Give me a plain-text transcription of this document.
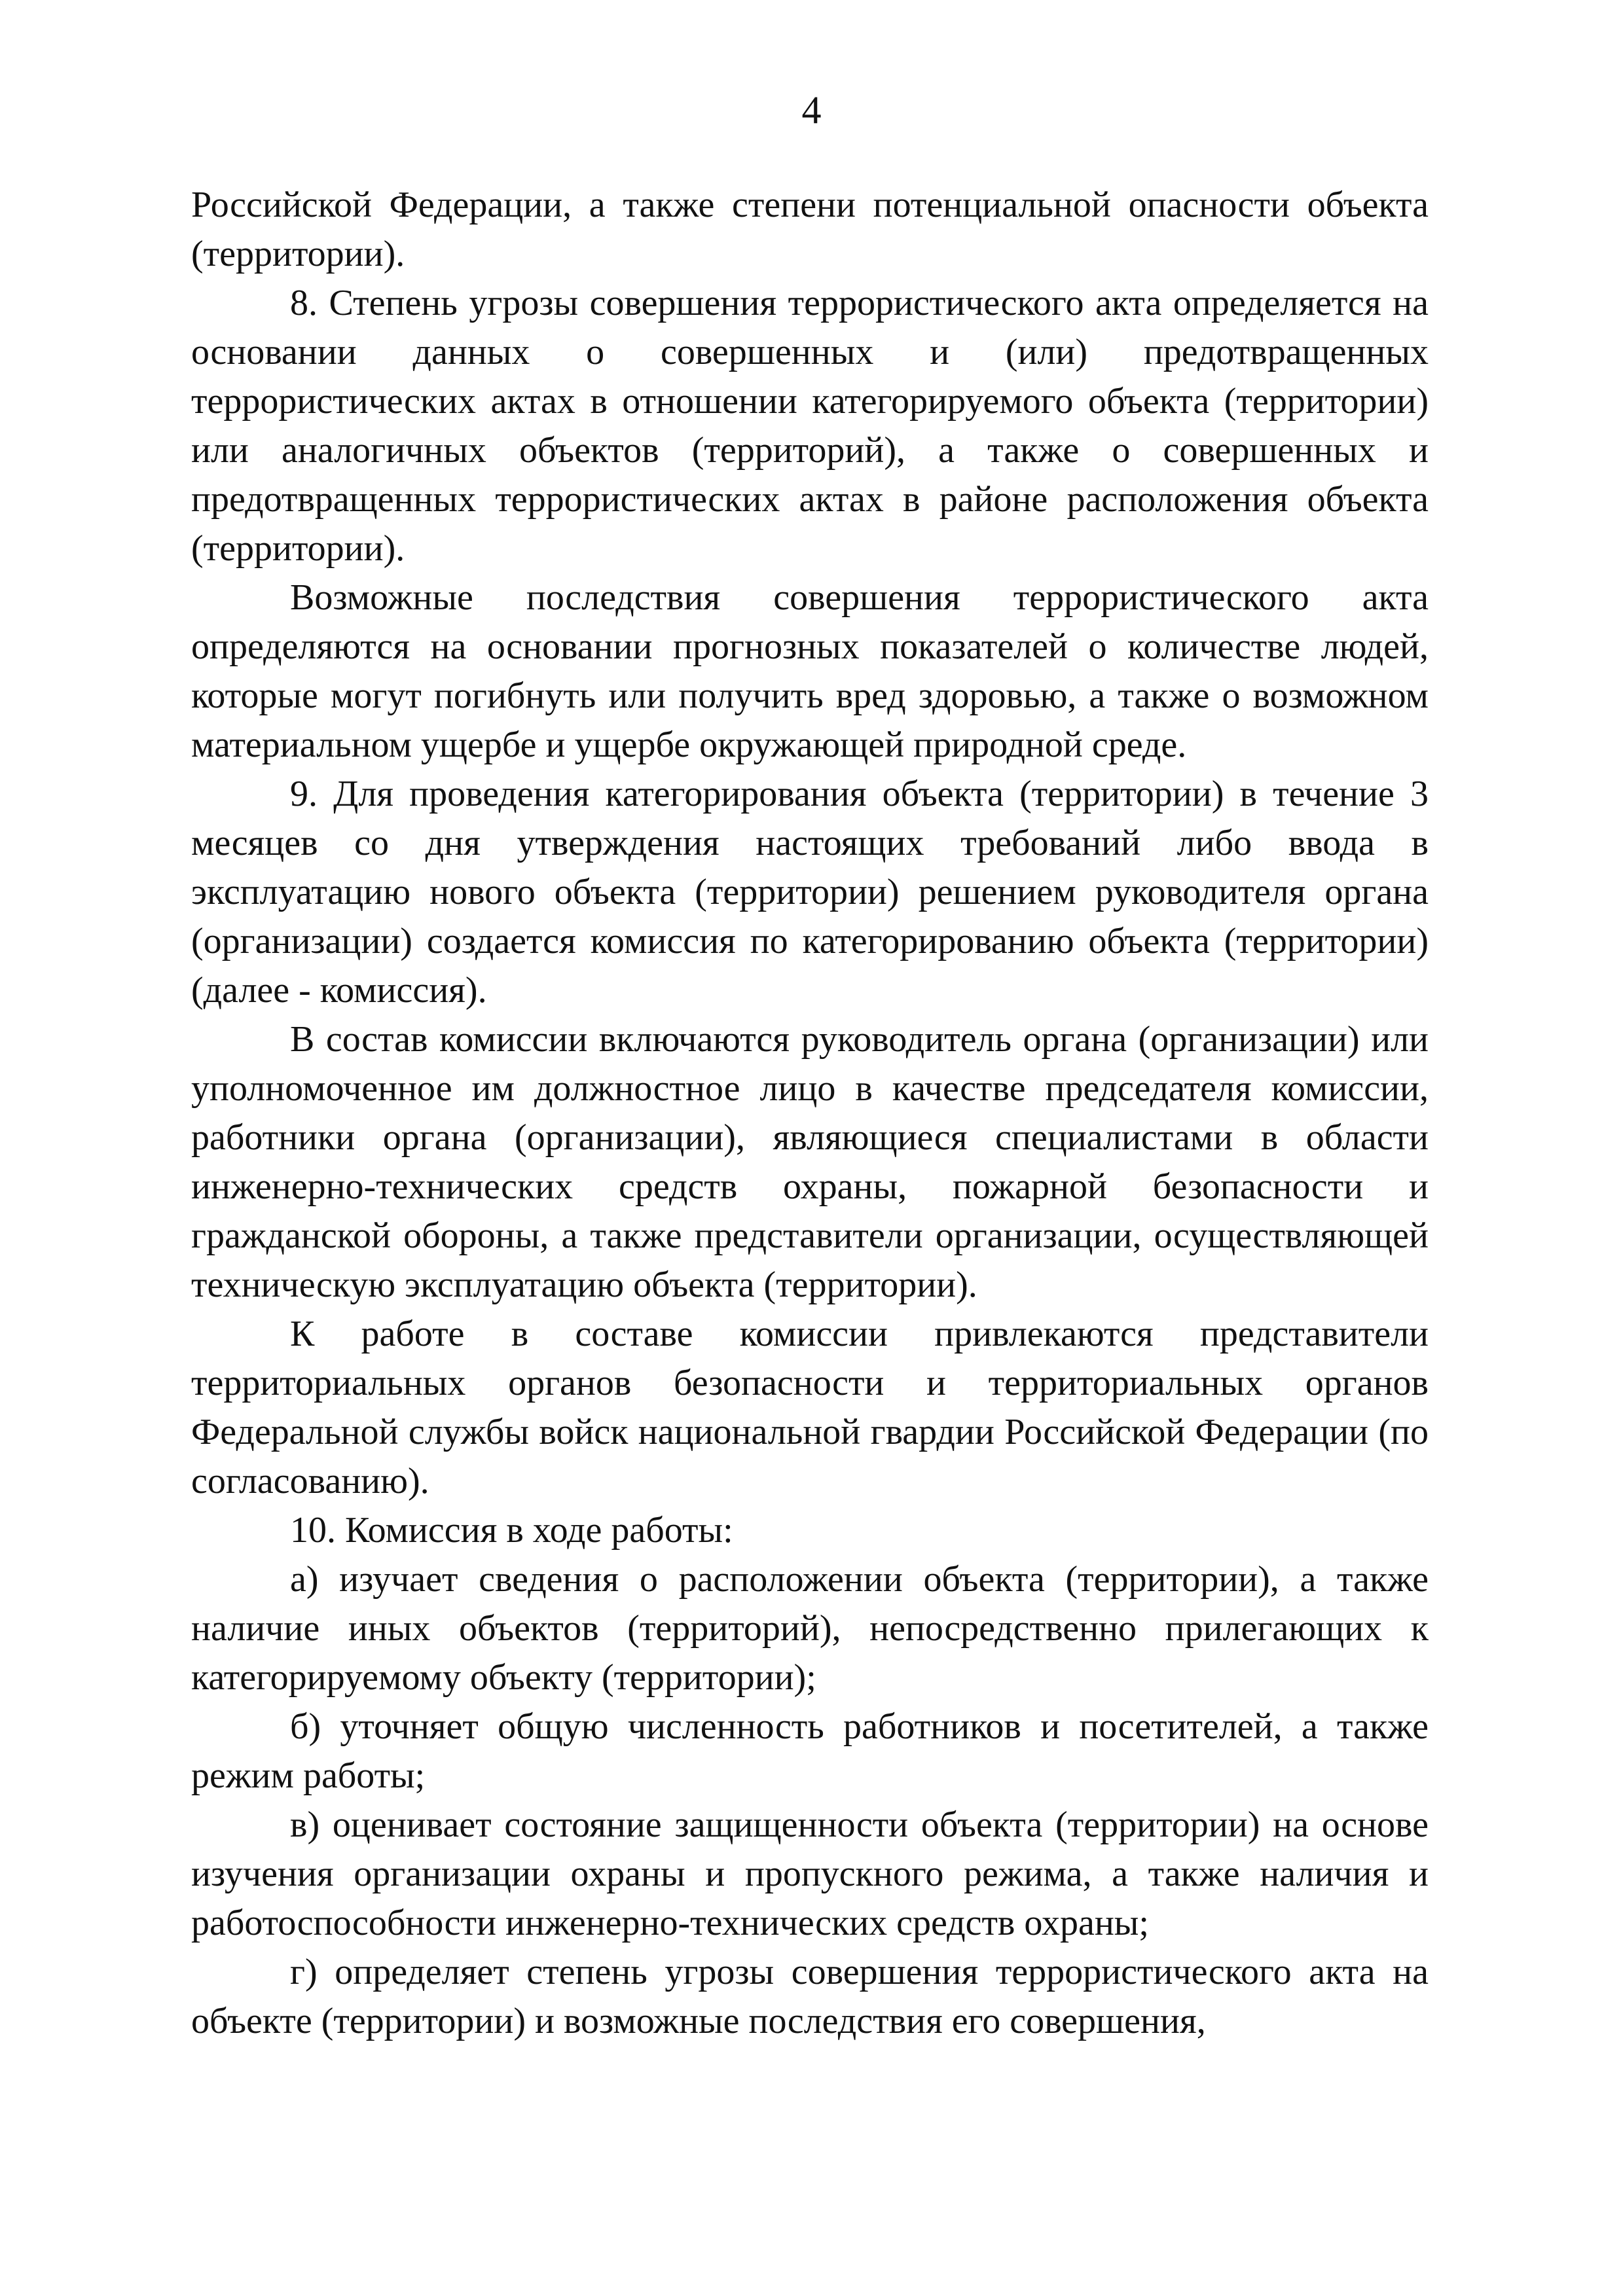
4

Российской Федерации, а также степени потенциальной опасности объекта (территории).

8. Степень угрозы совершения террористического акта определяется на основании данных о совершенных и (или) предотвращенных террористических актах в отношении категорируемого объекта (территории) или аналогичных объектов (территорий), а также о совершенных и предотвращенных террористических актах в районе расположения объекта (территории).

Возможные последствия совершения террористического акта определяются на основании прогнозных показателей о количестве людей, которые могут погибнуть или получить вред здоровью, а также о возможном материальном ущербе и ущербе окружающей природной среде.

9. Для проведения категорирования объекта (территории) в течение 3 месяцев со дня утверждения настоящих требований либо ввода в эксплуатацию нового объекта (территории) решением руководителя органа (организации) создается комиссия по категорированию объекта (территории) (далее - комиссия).

В состав комиссии включаются руководитель органа (организации) или уполномоченное им должностное лицо в качестве председателя комиссии, работники органа (организации), являющиеся специалистами в области инженерно-технических средств охраны, пожарной безопасности и гражданской обороны, а также представители организации, осуществляющей техническую эксплуатацию объекта (территории).

К работе в составе комиссии привлекаются представители территориальных органов безопасности и территориальных органов Федеральной службы войск национальной гвардии Российской Федерации (по согласованию).

10. Комиссия в ходе работы:

а) изучает сведения о расположении объекта (территории), а также наличие иных объектов (территорий), непосредственно прилегающих к категорируемому объекту (территории);

б) уточняет общую численность работников и посетителей, а также режим работы;

в) оценивает состояние защищенности объекта (территории) на основе изучения организации охраны и пропускного режима, а также наличия и работоспособности инженерно-технических средств охраны;

г) определяет степень угрозы совершения террористического акта на объекте (территории) и возможные последствия его совершения,
